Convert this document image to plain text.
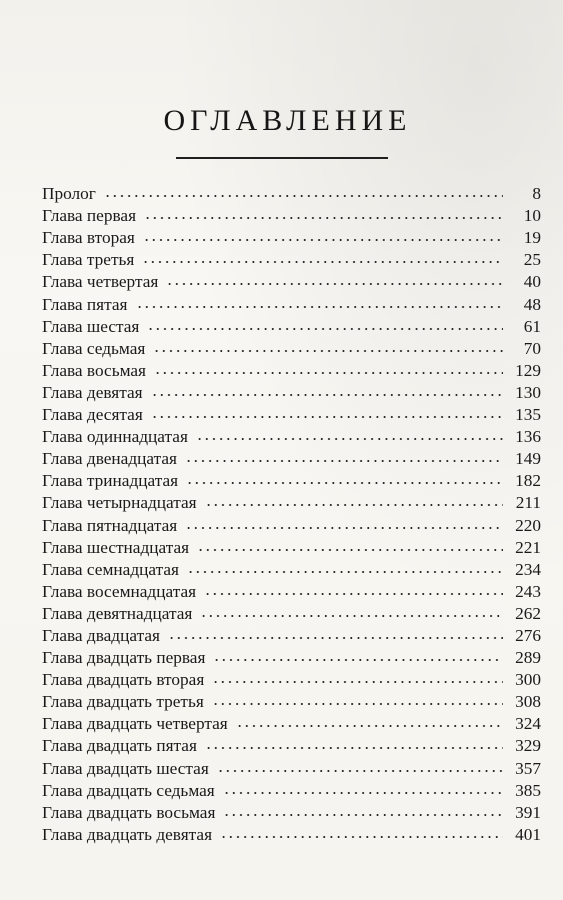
ОГЛАВЛЕНИЕ
Пролог	8
Глава первая	10
Глава вторая	19
Глава третья	25
Глава четвертая	40
Глава пятая	48
Глава шестая	61
Глава седьмая	70
Глава восьмая	129
Глава девятая	130
Глава десятая	135
Глава одиннадцатая	136
Глава двенадцатая	149
Глава тринадцатая	182
Глава четырнадцатая	211
Глава пятнадцатая	220
Глава шестнадцатая	221
Глава семнадцатая	234
Глава восемнадцатая	243
Глава девятнадцатая	262
Глава двадцатая	276
Глава двадцать первая	289
Глава двадцать вторая	300
Глава двадцать третья	308
Глава двадцать четвертая	324
Глава двадцать пятая	329
Глава двадцать шестая	357
Глава двадцать седьмая	385
Глава двадцать восьмая	391
Глава двадцать девятая	401
